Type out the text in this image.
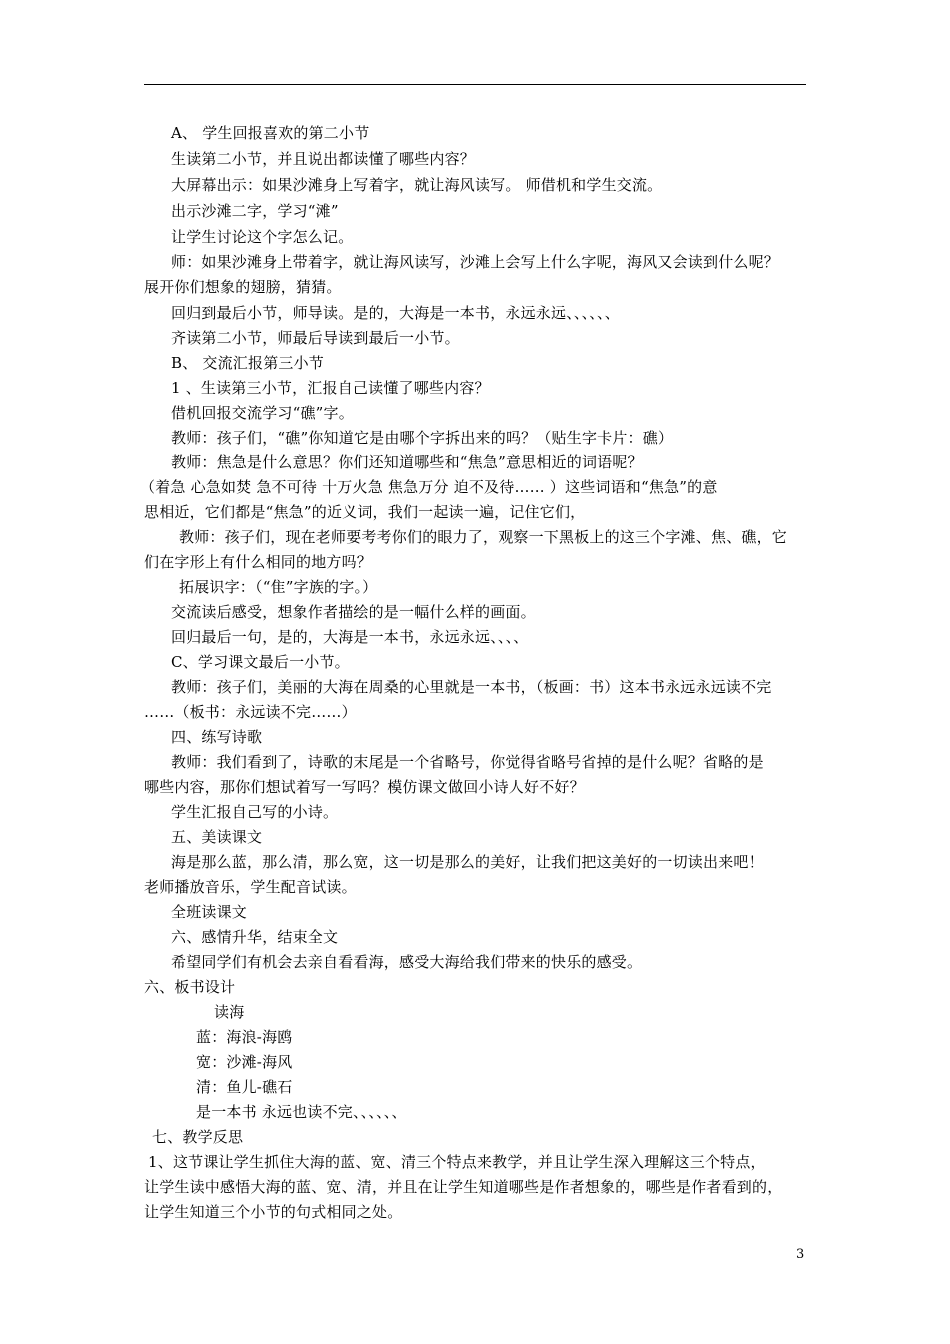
A、 学生回报喜欢的第二小节
生读第二小节，并且说出都读懂了哪些内容？
大屏幕出示：如果沙滩身上写着字，就让海风读写。 师借机和学生交流。
出示沙滩二字，学习“滩”
让学生讨论这个字怎么记。
师：如果沙滩身上带着字，就让海风读写，沙滩上会写上什么字呢，海风又会读到什么呢？
展开你们想象的翅膀，猜猜。
回归到最后小节，师导读。是的，大海是一本书，永远永远、、、、、、
齐读第二小节，师最后导读到最后一小节。
B、 交流汇报第三小节
1 、生读第三小节，汇报自己读懂了哪些内容？
借机回报交流学习“礁”字。
教师：孩子们，“礁”你知道它是由哪个字拆出来的吗？（贴生字卡片：礁）
教师：焦急是什么意思？你们还知道哪些和“焦急”意思相近的词语呢？
（着急 心急如焚 急不可待 十万火急 焦急万分 迫不及待…… ）这些词语和“焦急”的意
思相近，它们都是“焦急”的近义词，我们一起读一遍，记住它们，
教师：孩子们，现在老师要考考你们的眼力了，观察一下黑板上的这三个字滩、焦、礁，它
们在字形上有什么相同的地方吗？
拓展识字：（“隹”字族的字。）
交流读后感受，想象作者描绘的是一幅什么样的画面。
回归最后一句，是的，大海是一本书，永远永远、、、、
C、学习课文最后一小节。
教师：孩子们，美丽的大海在周桑的心里就是一本书，（板画：书）这本书永远永远读不完
……（板书：永远读不完……）
四、练写诗歌
教师：我们看到了，诗歌的末尾是一个省略号，你觉得省略号省掉的是什么呢？省略的是
哪些内容，那你们想试着写一写吗？模仿课文做回小诗人好不好？
学生汇报自己写的小诗。
五、美读课文
海是那么蓝，那么清，那么宽，这一切是那么的美好，让我们把这美好的一切读出来吧！
老师播放音乐，学生配音试读。
全班读课文
六、感情升华，结束全文
希望同学们有机会去亲自看看海，感受大海给我们带来的快乐的感受。
六、板书设计
读海
蓝：海浪-海鸥
宽：沙滩-海风
清：鱼儿-礁石
是一本书 永远也读不完、、、、、、
七、教学反思
1、这节课让学生抓住大海的蓝、宽、清三个特点来教学，并且让学生深入理解这三个特点，
让学生读中感悟大海的蓝、宽、清，并且在让学生知道哪些是作者想象的，哪些是作者看到的，
让学生知道三个小节的句式相同之处。
3
